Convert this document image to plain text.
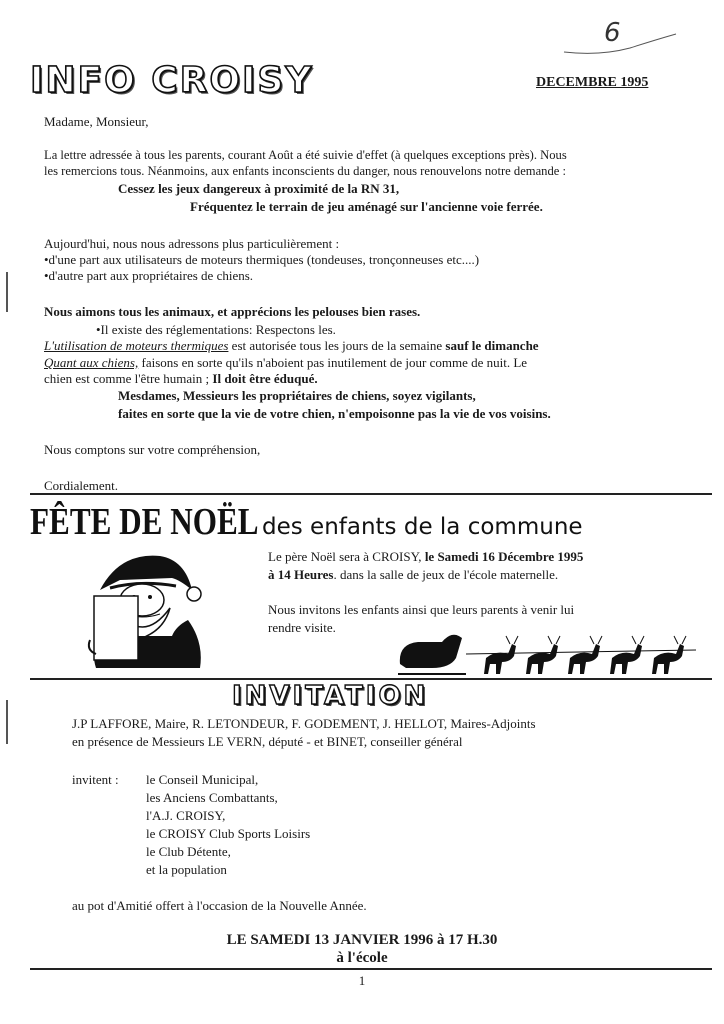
6
INFO CROISY	DECEMBRE 1995
Madame, Monsieur,
La lettre adressée à tous les parents, courant Août a été suivie d'effet (à quelques exceptions près). Nous
les remercions tous. Néanmoins, aux enfants inconscients du danger, nous renouvelons notre demande :
Cessez les jeux dangereux à proximité de la RN 31,
Fréquentez le terrain de jeu aménagé sur l'ancienne voie ferrée.
Aujourd'hui, nous nous adressons plus particulièrement :
•d'une part aux utilisateurs de moteurs thermiques (tondeuses, tronçonneuses etc....)
•d'autre part aux propriétaires de chiens.
Nous aimons tous les animaux, et apprécions les pelouses bien rases.
•Il existe des réglementations: Respectons les.
L'utilisation de moteurs thermiques est autorisée tous les jours de la semaine sauf le dimanche
Quant aux chiens, faisons en sorte qu'ils n'aboient pas inutilement de jour comme de nuit. Le
chien est comme l'être humain ; Il doit être éduqué.
Mesdames, Messieurs les propriétaires de chiens, soyez vigilants,
faites en sorte que la vie de votre chien, n'empoisonne pas la vie de vos voisins.
Nous comptons sur votre compréhension,
Cordialement.
FÊTE DE NOËL des enfants de la commune
Le père Noël sera à CROISY, le Samedi 16 Décembre 1995
à 14 Heures. dans la salle de jeux de l'école maternelle.
Nous invitons les enfants ainsi que leurs parents à venir lui
rendre visite.
INVITATION
J.P LAFFORE, Maire, R. LETONDEUR, F. GODEMENT, J. HELLOT, Maires-Adjoints
en présence de Messieurs LE VERN, député - et BINET, conseiller général
invitent : le Conseil Municipal,
les Anciens Combattants,
l'A.J. CROISY,
le CROISY Club Sports Loisirs
le Club Détente,
et la population
au pot d'Amitié offert à l'occasion de la Nouvelle Année.
LE SAMEDI 13 JANVIER 1996 à 17 H.30
à l'école
1
